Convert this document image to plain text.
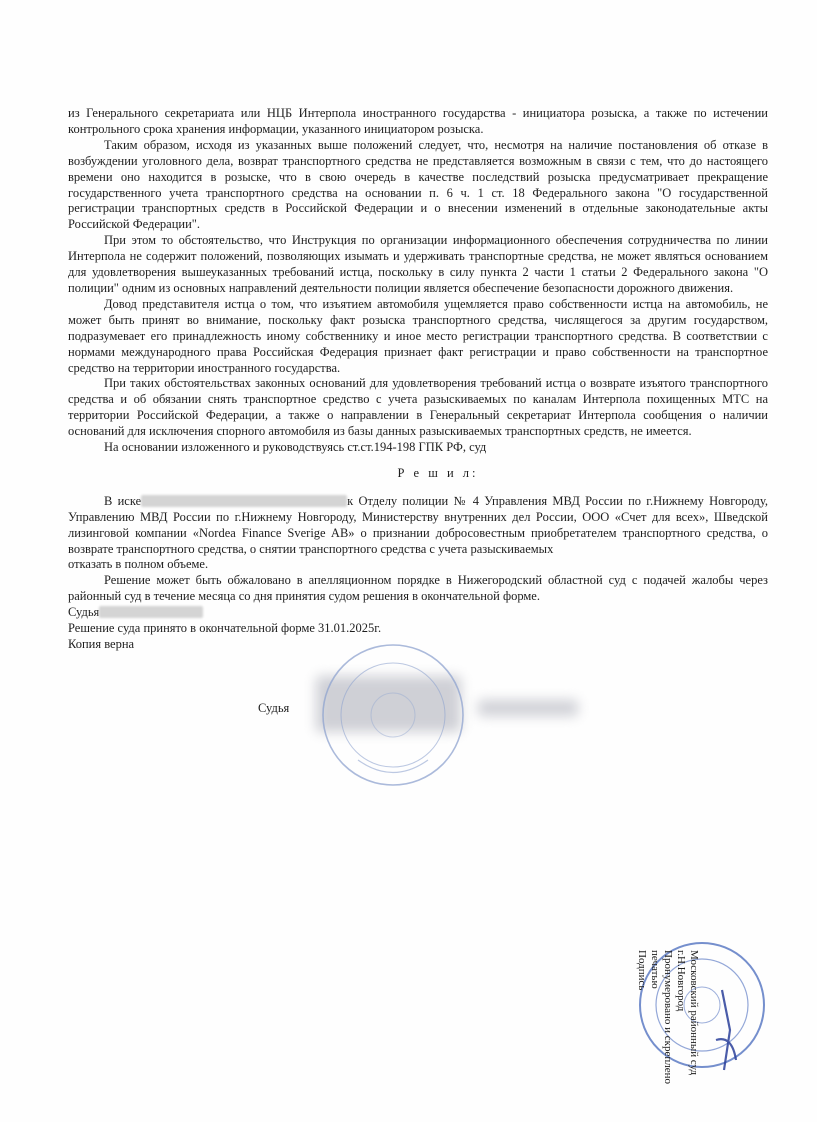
из Генерального секретариата или НЦБ Интерпола иностранного государства - инициатора розыска, а также по истечении контрольного срока хранения информации, указанного инициатором розыска.

Таким образом, исходя из указанных выше положений следует, что, несмотря на наличие постановления об отказе в возбуждении уголовного дела, возврат транспортного средства не представляется возможным в связи с тем, что до настоящего времени оно находится в розыске, что в свою очередь в качестве последствий розыска предусматривает прекращение государственного учета транспортного средства на основании п. 6 ч. 1 ст. 18 Федерального закона "О государственной регистрации транспортных средств в Российской Федерации и о внесении изменений в отдельные законодательные акты Российской Федерации".

При этом то обстоятельство, что Инструкция по организации информационного обеспечения сотрудничества по линии Интерпола не содержит положений, позволяющих изымать и удерживать транспортные средства, не может являться основанием для удовлетворения вышеуказанных требований истца, поскольку в силу пункта 2 части 1 статьи 2 Федерального закона "О полиции" одним из основных направлений деятельности полиции является обеспечение безопасности дорожного движения.

Довод представителя истца о том, что изъятием автомобиля ущемляется право собственности истца на автомобиль, не может быть принят во внимание, поскольку факт розыска транспортного средства, числящегося за другим государством, подразумевает его принадлежность иному собственнику и иное место регистрации транспортного средства. В соответствии с нормами международного права Российская Федерация признает факт регистрации и право собственности на транспортное средство на территории иностранного государства.

При таких обстоятельствах законных оснований для удовлетворения требований истца о возврате изъятого транспортного средства и об обязании снять транспортное средство с учета разыскиваемых по каналам Интерпола похищенных МТС на территории Российской Федерации, а также о направлении в Генеральный секретариат Интерпола сообщения о наличии оснований для исключения спорного автомобиля из базы данных разыскиваемых транспортных средств, не имеется.

На основании изложенного и руководствуясь ст.ст.194-198 ГПК РФ, суд

Р е ш и л:

В иске	к Отделу полиции № 4 Управления МВД России по г.Нижнему Новгороду, Управлению МВД России по г.Нижнему Новгороду, Министерству внутренних дел России, ООО «Счет для всех», Шведской лизинговой компании «Nordea Finance Sverige AB» о признании добросовестным приобретателем транспортного средства, о возврате транспортного средства, о снятии транспортного средства с учета разыскиваемых

отказать в полном объеме.

Решение может быть обжаловано в апелляционном порядке в Нижегородский областной суд с подачей жалобы через районный суд в течение месяца со дня принятия судом решения в окончательной форме.

Судья

Решение суда принято в окончательной форме 31.01.2025г.

Копия верна

Судья
Московский районный суд
г.Н.Новгород
Пронумеровано и скреплено
печатью
Подпись
